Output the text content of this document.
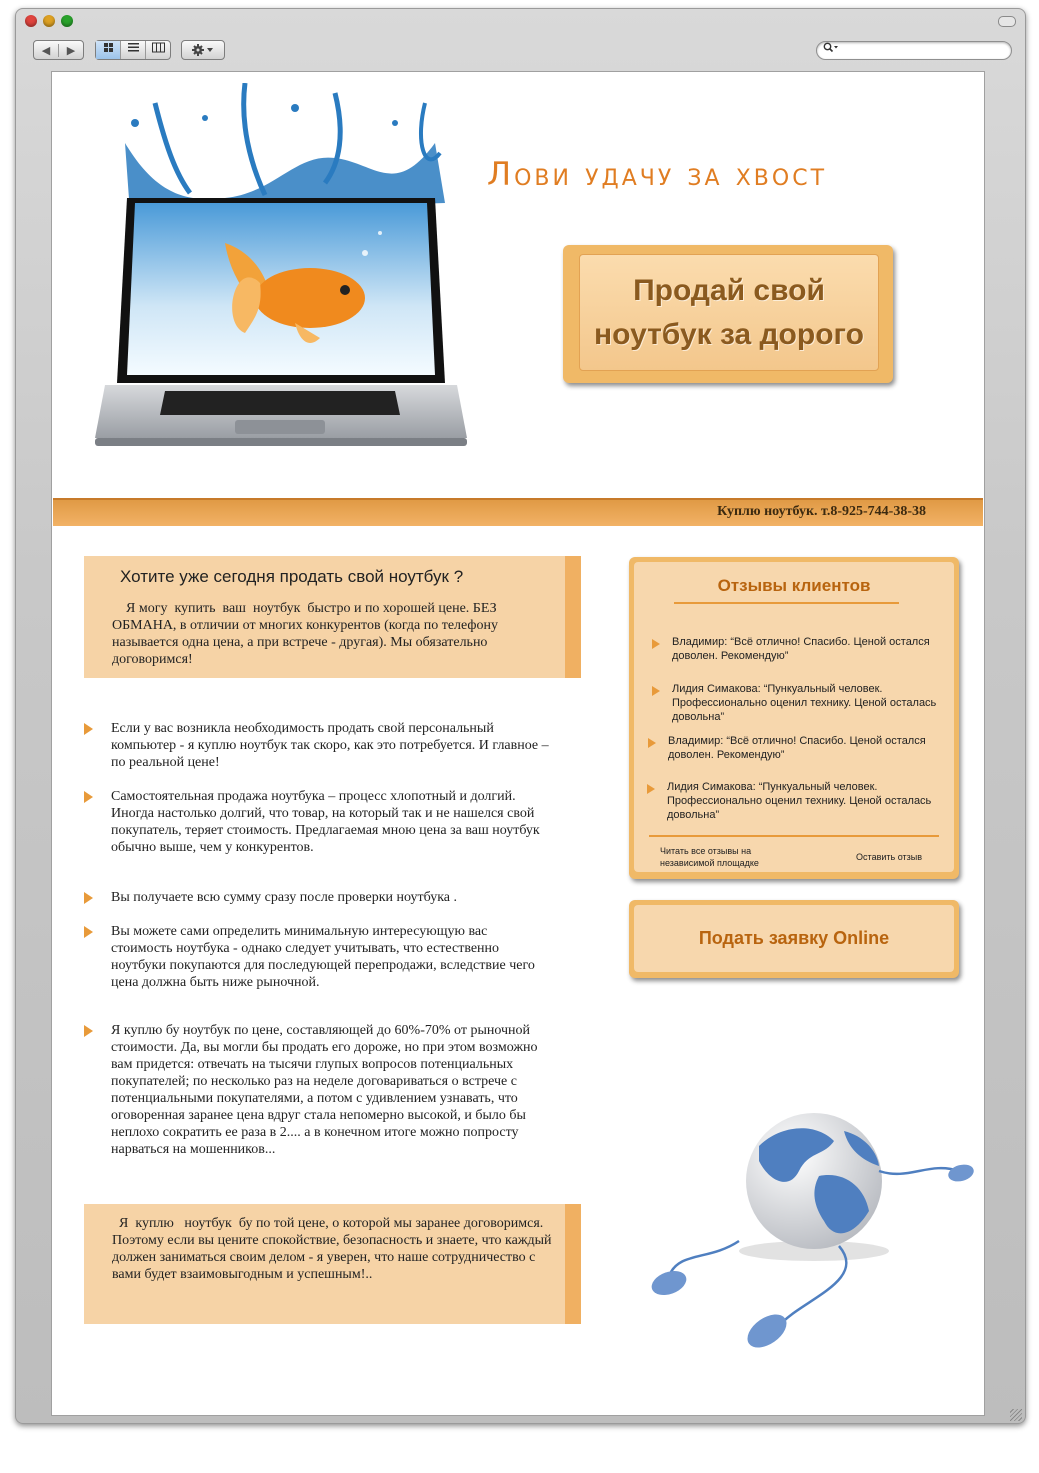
◀	▶
Лови удачу за хвост
Продай свой
ноутбук за дорого
Куплю ноутбук. т.8-925-744-38-38
Хотите уже сегодня продать свой ноутбук ?

Я могу  купить  ваш  ноутбук  быстро и по хорошей цене. БЕЗ ОБМАНА, в отличии от многих конкурентов (когда по телефону называется одна цена, а при встрече - другая). Мы обязательно договоримся!

Если у вас возникла необходимость продать свой персональный компьютер - я куплю ноутбук так скоро, как это потребуется. И главное – по реальной цене!
Самостоятельная продажа ноутбука – процесс хлопотный и долгий. Иногда настолько долгий, что товар, на который так и не нашелся свой покупатель, теряет стоимость. Предлагаемая мною цена за ваш ноутбук обычно выше, чем у конкурентов.
Вы получаете всю сумму сразу после проверки ноутбука .
Вы можете сами определить минимальную интересующую вас стоимость ноутбука - однако следует учитывать, что естественно ноутбуки покупаются для последующей перепродажи, вследствие чего цена должна быть ниже рыночной.
Я куплю бу ноутбук по цене, составляющей до 60%-70% от рыночной стоимости. Да, вы могли бы продать его дороже, но при этом возможно вам придется: отвечать на тысячи глупых вопросов потенциальных покупателей; по несколько раз на неделе договариваться о встрече с потенциальными покупателями, а потом с удивлением узнавать, что оговоренная заранее цена вдруг стала непомерно высокой, и было бы неплохо сократить ее раза в 2.... а в конечном итоге можно попросту нарваться на мошенников...

Я  куплю   ноутбук  бу по той цене, о которой мы заранее договоримся. Поэтому если вы цените спокойствие, безопасность и знаете, что каждый должен заниматься своим делом - я уверен, что наше сотрудничество с вами будет взаимовыгодным и успешным!..

Отзывы клиентов
Владимир: “Всё отлично! Спасибо. Ценой остался доволен. Рекомендую”
Лидия Симакова: “Пункуальный человек. Профессионально оценил технику. Ценой осталась довольна”
Владимир: “Всё отлично! Спасибо. Ценой остался доволен. Рекомендую”
Лидия Симакова: “Пункуальный человек. Профессионально оценил технику. Ценой осталась довольна”
Читать все отзывы на независимой площадке
Оставить отзыв
Подать заявку Online
